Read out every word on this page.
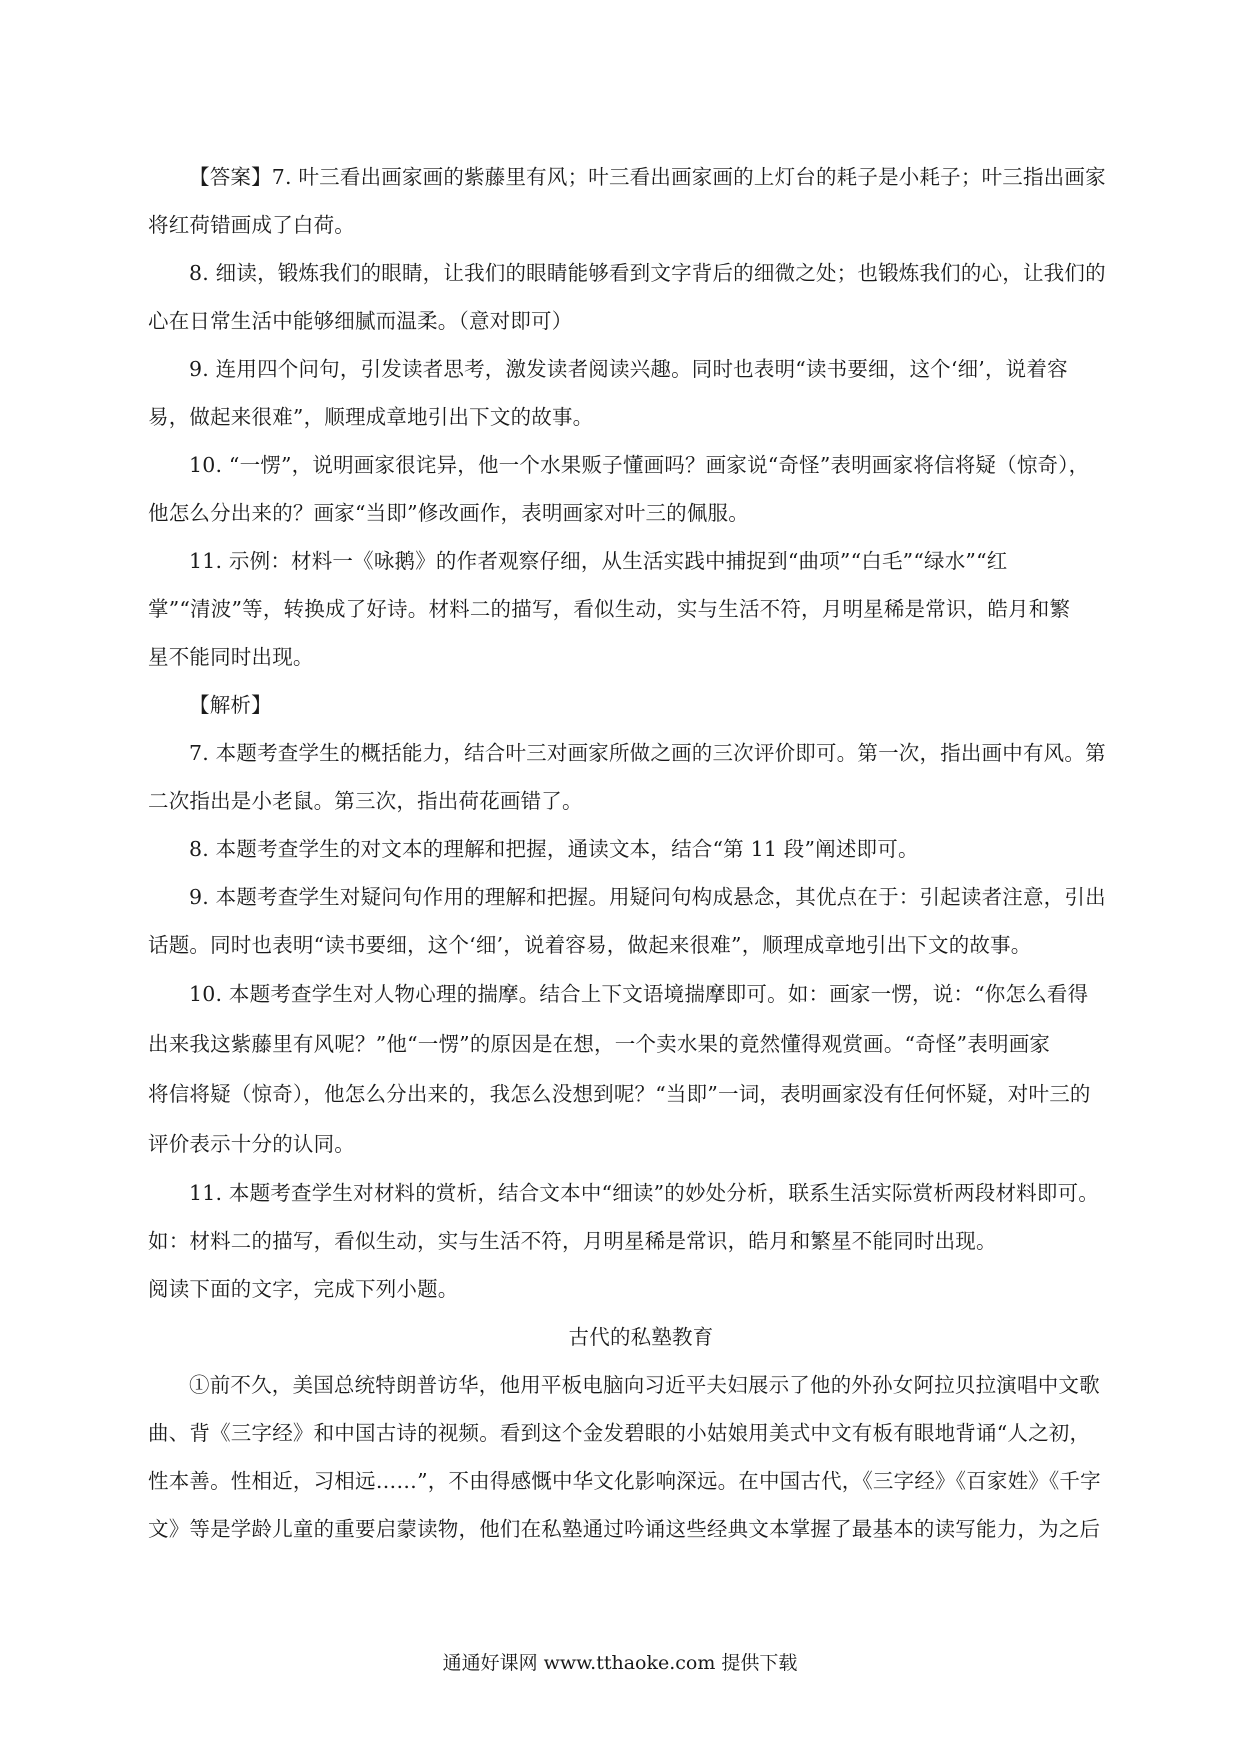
【答案】7. 叶三看出画家画的紫藤里有风；叶三看出画家画的上灯台的耗子是小耗子；叶三指出画家
将红荷错画成了白荷。

8. 细读，锻炼我们的眼睛，让我们的眼睛能够看到文字背后的细微之处；也锻炼我们的心，让我们的
心在日常生活中能够细腻而温柔。（意对即可）

9. 连用四个问句，引发读者思考，激发读者阅读兴趣。同时也表明“读书要细，这个‘细’，说着容
易，做起来很难”，顺理成章地引出下文的故事。

10. “一愣”，说明画家很诧异，他一个水果贩子懂画吗？画家说“奇怪”表明画家将信将疑（惊奇），
他怎么分出来的？画家“当即”修改画作，表明画家对叶三的佩服。

11. 示例：材料一《咏鹅》的作者观察仔细，从生活实践中捕捉到“曲项”“白毛”“绿水”“红
掌”“清波”等，转换成了好诗。材料二的描写，看似生动，实与生活不符，月明星稀是常识，皓月和繁
星不能同时出现。

【解析】

7. 本题考查学生的概括能力，结合叶三对画家所做之画的三次评价即可。第一次，指出画中有风。第
二次指出是小老鼠。第三次，指出荷花画错了。

8. 本题考查学生的对文本的理解和把握，通读文本，结合“第 11 段”阐述即可。

9. 本题考查学生对疑问句作用的理解和把握。用疑问句构成悬念，其优点在于：引起读者注意，引出
话题。同时也表明“读书要细，这个‘细’，说着容易，做起来很难”，顺理成章地引出下文的故事。

10. 本题考查学生对人物心理的揣摩。结合上下文语境揣摩即可。如：画家一愣，说：“你怎么看得
出来我这紫藤里有风呢？”他“一愣”的原因是在想，一个卖水果的竟然懂得观赏画。“奇怪”表明画家
将信将疑（惊奇），他怎么分出来的，我怎么没想到呢？“当即”一词，表明画家没有任何怀疑，对叶三的
评价表示十分的认同。

11. 本题考查学生对材料的赏析，结合文本中“细读”的妙处分析，联系生活实际赏析两段材料即可。
如：材料二的描写，看似生动，实与生活不符，月明星稀是常识，皓月和繁星不能同时出现。

阅读下面的文字，完成下列小题。

古代的私塾教育

①前不久，美国总统特朗普访华，他用平板电脑向习近平夫妇展示了他的外孙女阿拉贝拉演唱中文歌
曲、背《三字经》和中国古诗的视频。看到这个金发碧眼的小姑娘用美式中文有板有眼地背诵“人之初，
性本善。性相近，习相远……”，不由得感慨中华文化影响深远。在中国古代，《三字经》《百家姓》《千字
文》等是学龄儿童的重要启蒙读物，他们在私塾通过吟诵这些经典文本掌握了最基本的读写能力，为之后

通通好课网 www.tthaoke.com 提供下载
